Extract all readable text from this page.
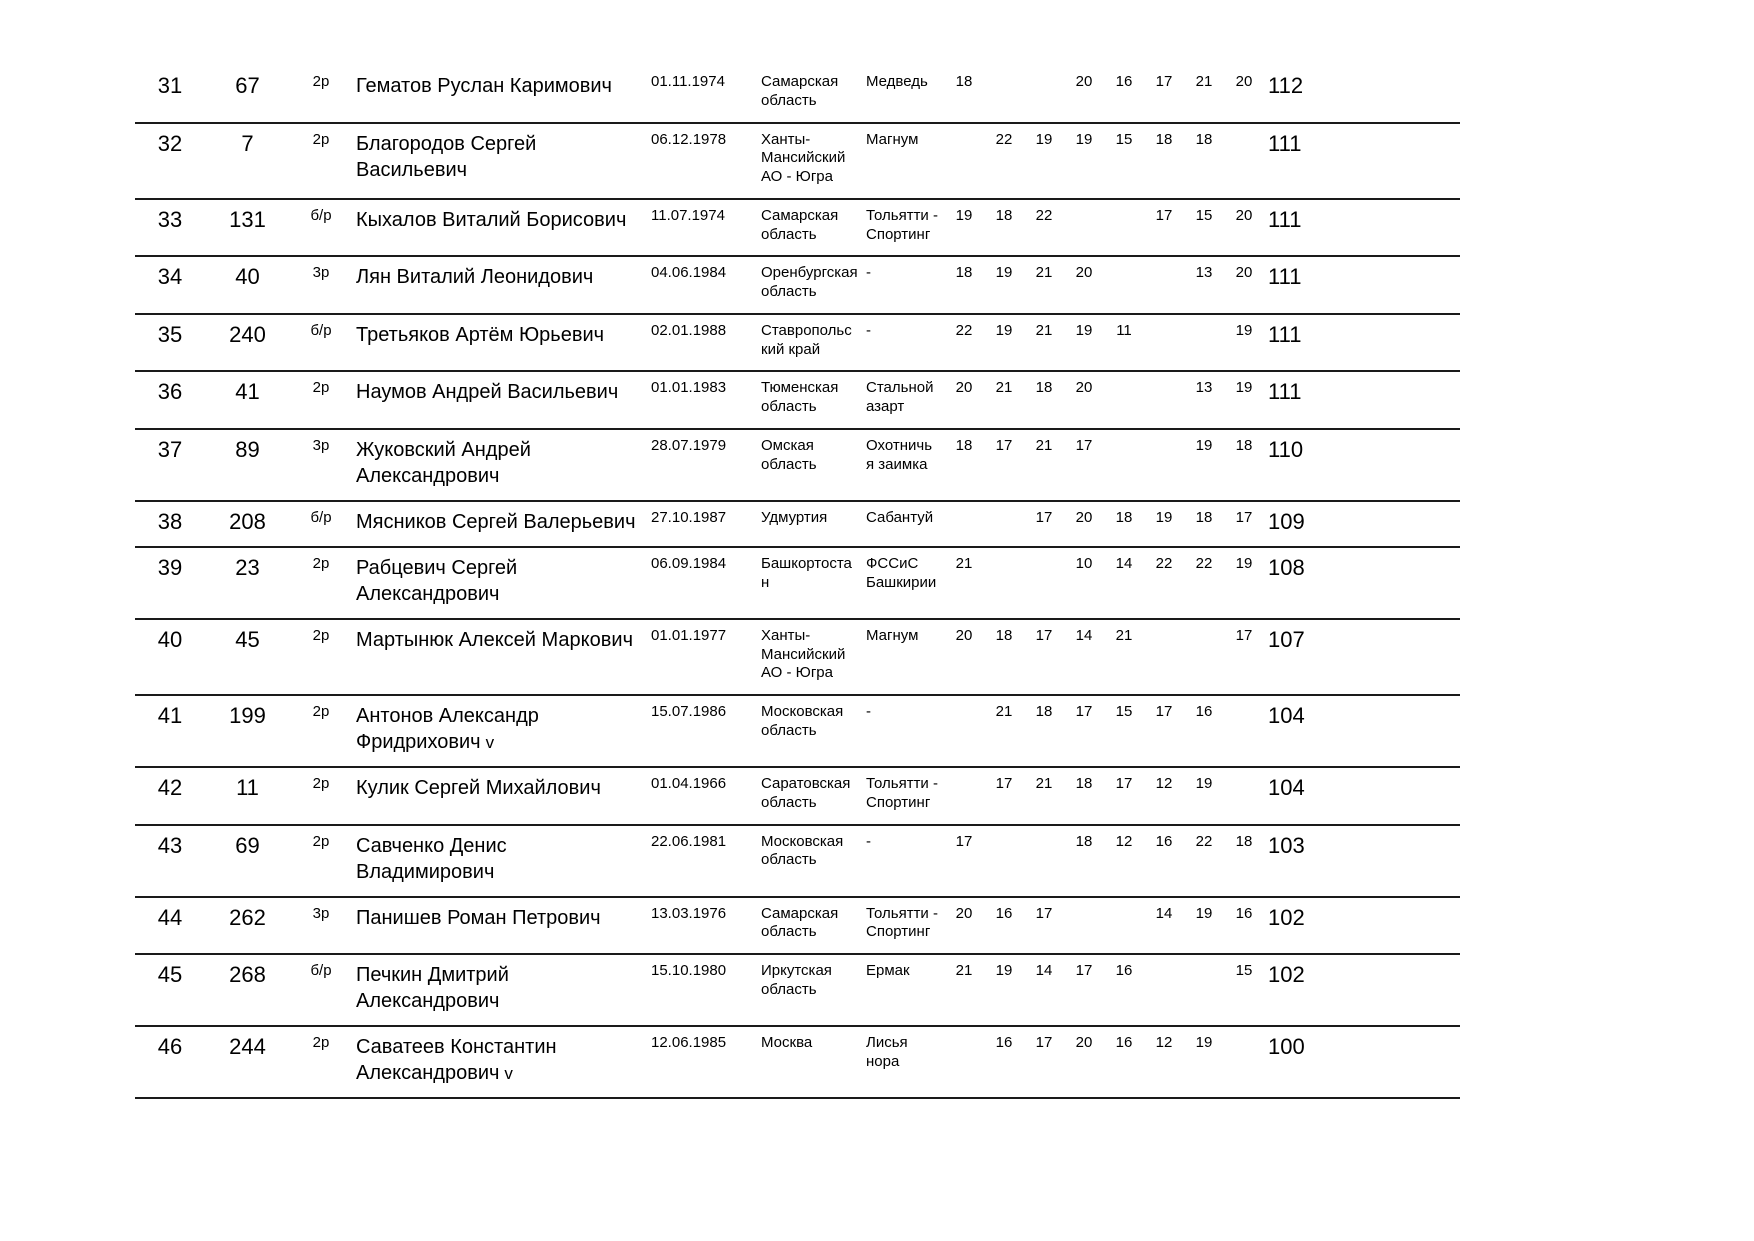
31	67	2р	Гематов Руслан Каримович	01.11.1974	Самарская область	Медведь	18			20	16	17	21	20	112	
32	7	2р	Благородов Сергей Васильевич	06.12.1978	Ханты-Мансийский АО - Югра	Магнум		22	19	19	15	18	18		111	
33	131	б/р	Кыхалов Виталий Борисович	11.07.1974	Самарская область	Тольятти - Спортинг	19	18	22			17	15	20	111	
34	40	3р	Лян Виталий Леонидович	04.06.1984	Оренбургская область	-	18	19	21	20			13	20	111	
35	240	б/р	Третьяков Артём Юрьевич	02.01.1988	Ставропольский край	-	22	19	21	19	11			19	111	
36	41	2р	Наумов Андрей Васильевич	01.01.1983	Тюменская область	Стальной азарт	20	21	18	20			13	19	111	
37	89	3р	Жуковский Андрей Александрович	28.07.1979	Омская область	Охотничья заимка	18	17	21	17			19	18	110	
38	208	б/р	Мясников Сергей Валерьевич	27.10.1987	Удмуртия	Сабантуй			17	20	18	19	18	17	109	
39	23	2р	Рабцевич Сергей Александрович	06.09.1984	Башкортостан	ФССиС Башкирии	21			10	14	22	22	19	108	
40	45	2р	Мартынюк Алексей Маркович	01.01.1977	Ханты-Мансийский АО - Югра	Магнум	20	18	17	14	21			17	107	
41	199	2р	Антонов Александр Фридрихович v	15.07.1986	Московская область	-		21	18	17	15	17	16		104	
42	11	2р	Кулик Сергей Михайлович	01.04.1966	Саратовская область	Тольятти - Спортинг		17	21	18	17	12	19		104	
43	69	2р	Савченко Денис Владимирович	22.06.1981	Московская область	-	17			18	12	16	22	18	103	
44	262	3р	Панишев Роман Петрович	13.03.1976	Самарская область	Тольятти - Спортинг	20	16	17			14	19	16	102	
45	268	б/р	Печкин Дмитрий Александрович	15.10.1980	Иркутская область	Ермак	21	19	14	17	16			15	102	
46	244	2р	Саватеев Константин Александрович v	12.06.1985	Москва	Лисья нора		16	17	20	16	12	19		100	
